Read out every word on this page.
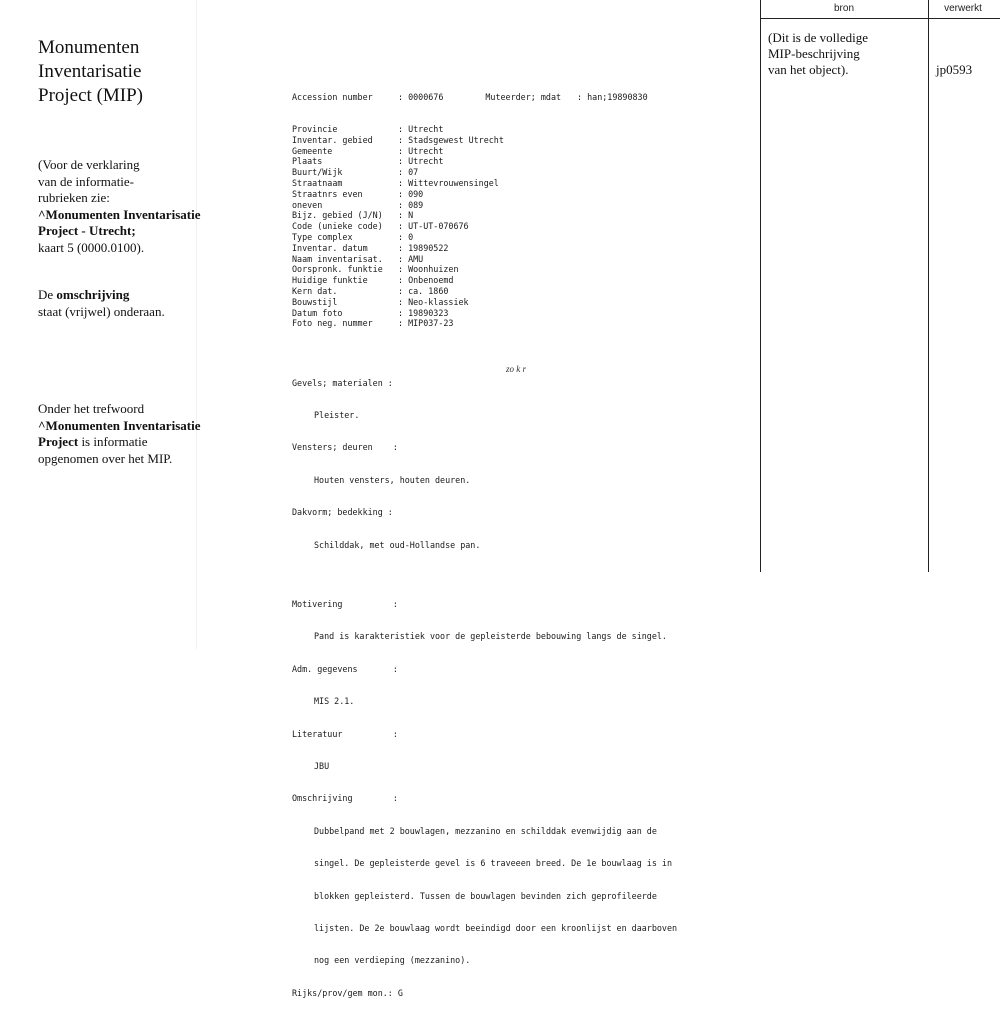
Monumenten
Inventarisatie
Project (MIP)
(Voor de verklaring
van de informatie-
rubrieken zie:
^Monumenten Inventarisatie
Project - Utrecht;
kaart 5 (0000.0100).
De omschrijving
staat (vrijwel) onderaan.
Onder het trefwoord
^Monumenten Inventarisatie
Project is informatie
opgenomen over het MIP.

Accession number	: 0000676	Muteerder; mdat : han;19890830

Provincie	: Utrecht
Inventar. gebied	: Stadsgewest Utrecht
Gemeente	: Utrecht
Plaats	: Utrecht
Buurt/Wijk	: 07
Straatnaam	: Wittevrouwensingel
Straatnrs even	: 090
oneven	: 089
Bijz. gebied (J/N) : N
Code (unieke code) : UT-UT-070676
Type complex	: 0
Inventar. datum	: 19890522
Naam inventarisat. : AMU
Oorspronk. funktie : Woonhuizen
Huidige funktie	: Onbenoemd
Kern dat.	: ca. 1860
Bouwstijl	: Neo-klassiek
Datum foto	: 19890323
Foto neg. nummer	: MIP037-23

Gevels; materialen :

Pleister.

Vensters; deuren    :

Houten vensters, houten deuren.

Dakvorm; bedekking :

Schilddak, met oud-Hollandse pan.

Motivering          :

Pand is karakteristiek voor de gepleisterde bebouwing langs de singel.

Adm. gegevens       :

MIS 2.1.

Literatuur          :

JBU

Omschrijving        :

Dubbelpand met 2 bouwlagen, mezzanino en schilddak evenwijdig aan de

singel. De gepleisterde gevel is 6 traveeen breed. De 1e bouwlaag is in

blokken gepleisterd. Tussen de bouwlagen bevinden zich geprofileerde

lijsten. De 2e bouwlaag wordt beeindigd door een kroonlijst en daarboven

nog een verdieping (mezzanino).

Rijks/prov/gem mon.: G

zo k r
bron	verwerkt
(Dit is de volledige
MIP-beschrijving
van het object).	jp0593
